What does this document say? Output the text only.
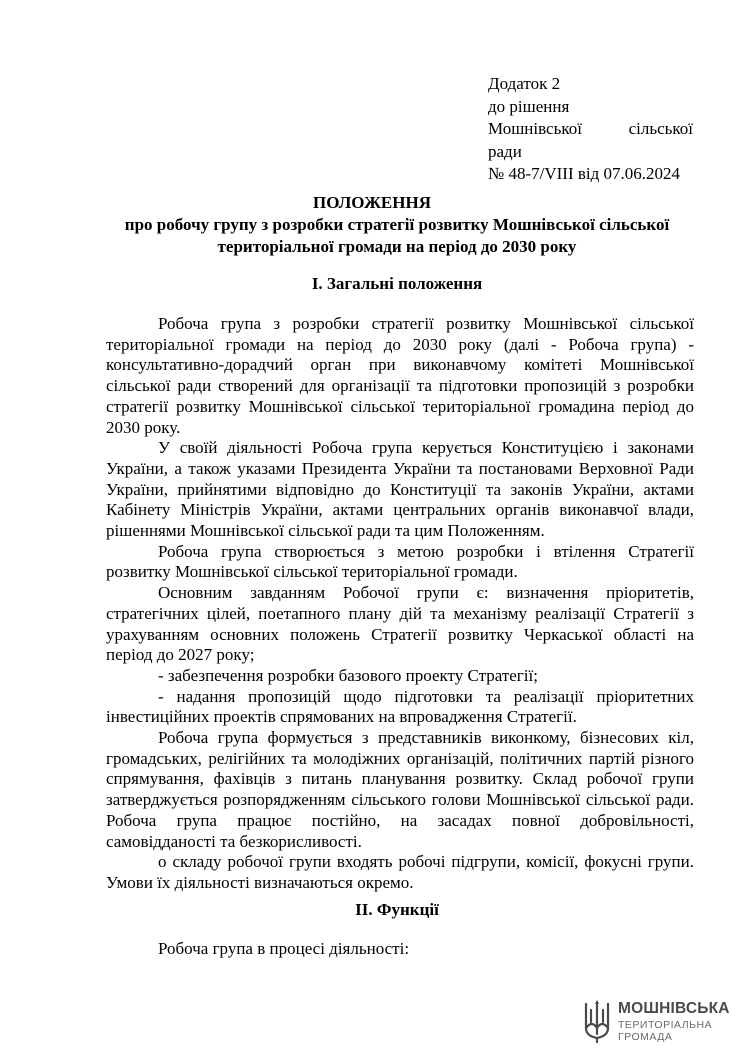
Додаток 2
до рішення
Мошнівської	сільської
ради
№ 48-7/VIII від 07.06.2024
ПОЛОЖЕННЯ
про робочу групу з розробки стратегії розвитку Мошнівської сільської
територіальної громади на період до 2030 року
I. Загальні положення

Робоча група з розробки стратегії розвитку Мошнівської сільської територіальної громади на період до 2030 року (далі - Робоча група) - консультативно-дорадчий орган при виконавчому комітеті Мошнівської сільської ради створений для організації та підготовки пропозицій з розробки стратегії розвитку Мошнівської сільської територіальної громадина період до 2030 року.

У своїй діяльності Робоча група керується Конституцією і законами України, а також указами Президента України та постановами Верховної Ради України, прийнятими відповідно до Конституції та законів України, актами Кабінету Міністрів України, актами центральних органів виконавчої влади, рішеннями Мошнівської сільської ради та цим Положенням.

Робоча група створюється з метою розробки і втілення Стратегії розвитку Мошнівської сільської територіальної громади.

Основним завданням Робочої групи є: визначення пріоритетів, стратегічних цілей, поетапного плану дій та механізму реалізації Стратегії з урахуванням основних положень Стратегії розвитку Черкаської області на період до 2027 року;

- забезпечення розробки базового проекту Стратегії;

- надання пропозицій щодо підготовки та реалізації пріоритетних інвестиційних проектів спрямованих на впровадження Стратегії.

Робоча група формується з представників виконкому, бізнесових кіл, громадських, релігійних та молодіжних організацій, політичних партій різного спрямування, фахівців з питань планування розвитку. Склад робочої групи затверджується розпорядженням сільського голови Мошнівської сільської ради. Робоча група працює постійно, на засадах повної добровільності, самовідданості та безкорисливості.

о складу робочої групи входять робочі підгрупи, комісії, фокусні групи. Умови їх діяльності визначаються окремо.

II. Функції

Робоча група в процесі діяльності:

МОШНІВСЬКА
ТЕРИТОРІАЛЬНА
ГРОМАДА
